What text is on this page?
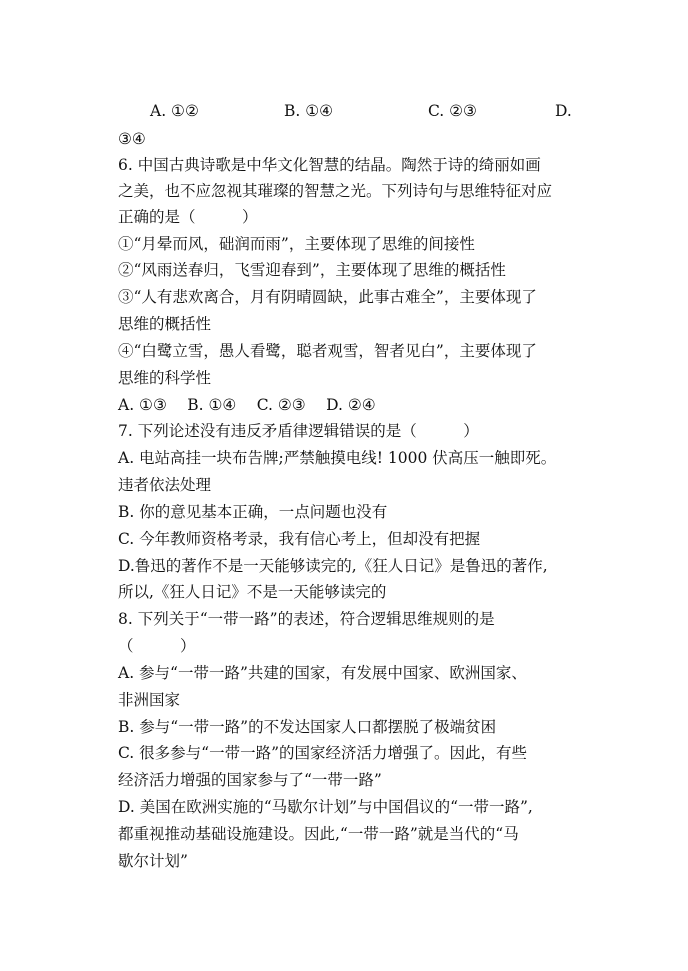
A. ①②	B. ①④	C. ②③	D.
③④
6. 中国古典诗歌是中华文化智慧的结晶。陶然于诗的绮丽如画
之美，也不应忽视其璀璨的智慧之光。下列诗句与思维特征对应
正确的是（　　　）
①“月晕而风，础润而雨”，主要体现了思维的间接性
②“风雨送春归，飞雪迎春到”，主要体现了思维的概括性
③“人有悲欢离合，月有阴晴圆缺，此事古难全”，主要体现了
思维的概括性
④“白鹭立雪，愚人看鹭，聪者观雪，智者见白”，主要体现了
思维的科学性
A. ①③　 B. ①④　 C. ②③　 D. ②④
7. 下列论述没有违反矛盾律逻辑错误的是（　　　）
A. 电站高挂一块布告牌;严禁触摸电线! 1000 伏高压一触即死。
违者依法处理
B. 你的意见基本正确，一点问题也没有
C. 今年教师资格考录，我有信心考上，但却没有把握
D.鲁迅的著作不是一天能够读完的,《狂人日记》是鲁迅的著作,
所以,《狂人日记》不是一天能够读完的
8. 下列关于“一带一路”的表述，符合逻辑思维规则的是
（　　　）
A. 参与“一带一路”共建的国家，有发展中国家、欧洲国家、
非洲国家
B. 参与“一带一路”的不发达国家人口都摆脱了极端贫困
C. 很多参与“一带一路”的国家经济活力增强了。因此，有些
经济活力增强的国家参与了“一带一路”
D. 美国在欧洲实施的“马歇尔计划”与中国倡议的“一带一路”,
都重视推动基础设施建设。因此,“一带一路”就是当代的“马
歇尔计划”
